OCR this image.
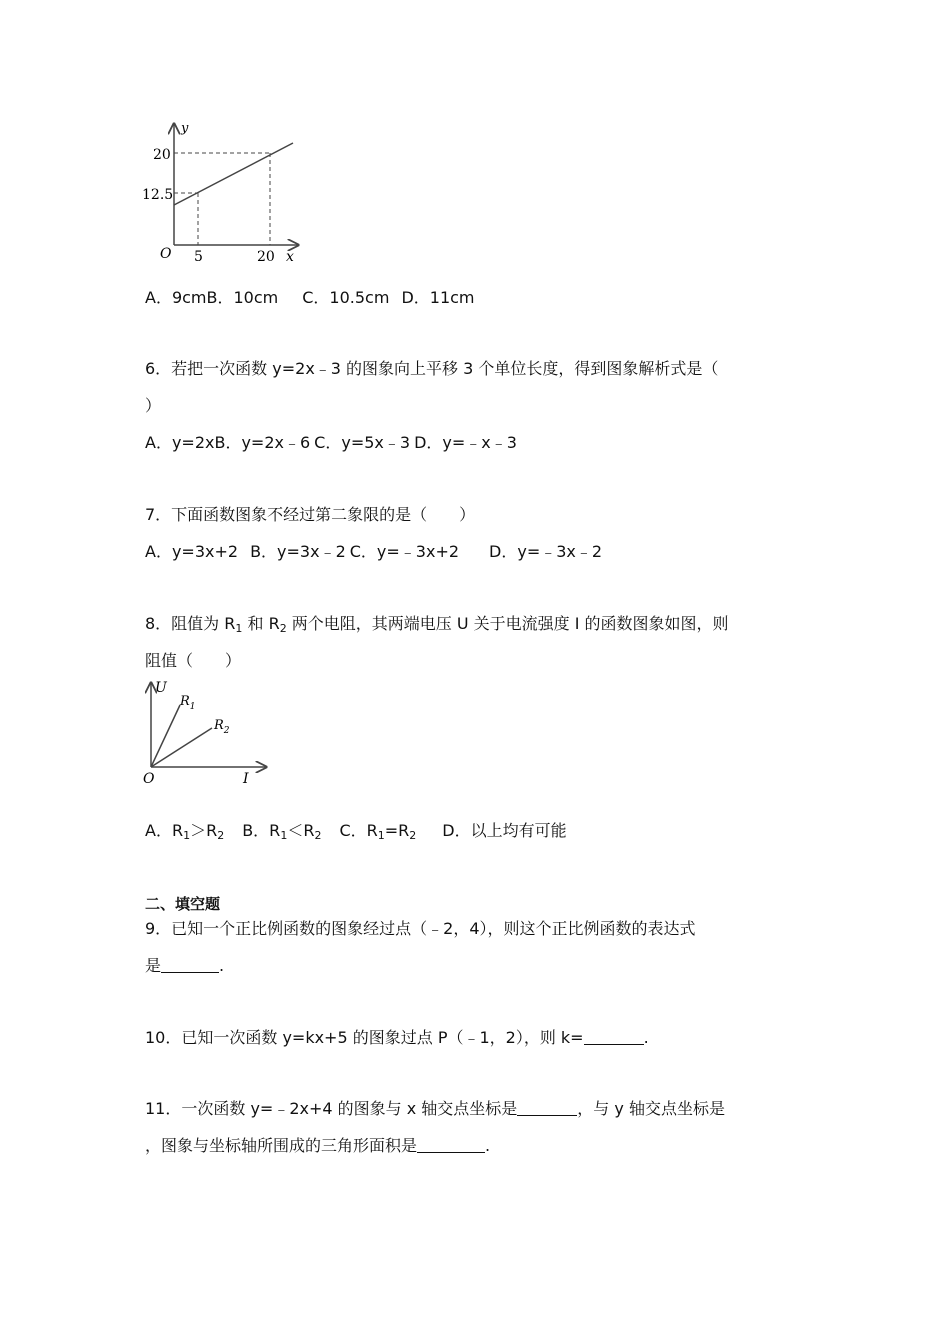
y
20
12.5
O 5	20 x
A．9cmB．10cm C．10.5cm D．11cm
6．若把一次函数 y=2x﹣3 的图象向上平移 3 个单位长度，得到图象解析式是（
）
A．y=2xB．y=2x﹣6 C．y=5x﹣3 D．y=﹣x﹣3
7．下面函数图象不经过第二象限的是（　　）
A．y=3x+2 B．y=3x﹣2 C．y=﹣3x+2 D．y=﹣3x﹣2
8．阻值为 $R_1$ 和 $R_2$ 两个电阻，其两端电压 U 关于电流强度 I 的函数图象如图，则
阻值（　　）
U
$R_1$
$R_2$
O	I
A．$R_1>R_2$ B．$R_1<R_2$ C．$R_1=R_2$ D．以上均有可能
二、填空题
9．已知一个正比例函数的图象经过点（﹣2，4），则这个正比例函数的表达式
是	.
10．已知一次函数 y=kx+5 的图象过点 P（﹣1，2），则 k=	.
11．一次函数 y=﹣2x+4 的图象与 x 轴交点坐标是	，与 y 轴交点坐标是
，图象与坐标轴所围成的三角形面积是	.
